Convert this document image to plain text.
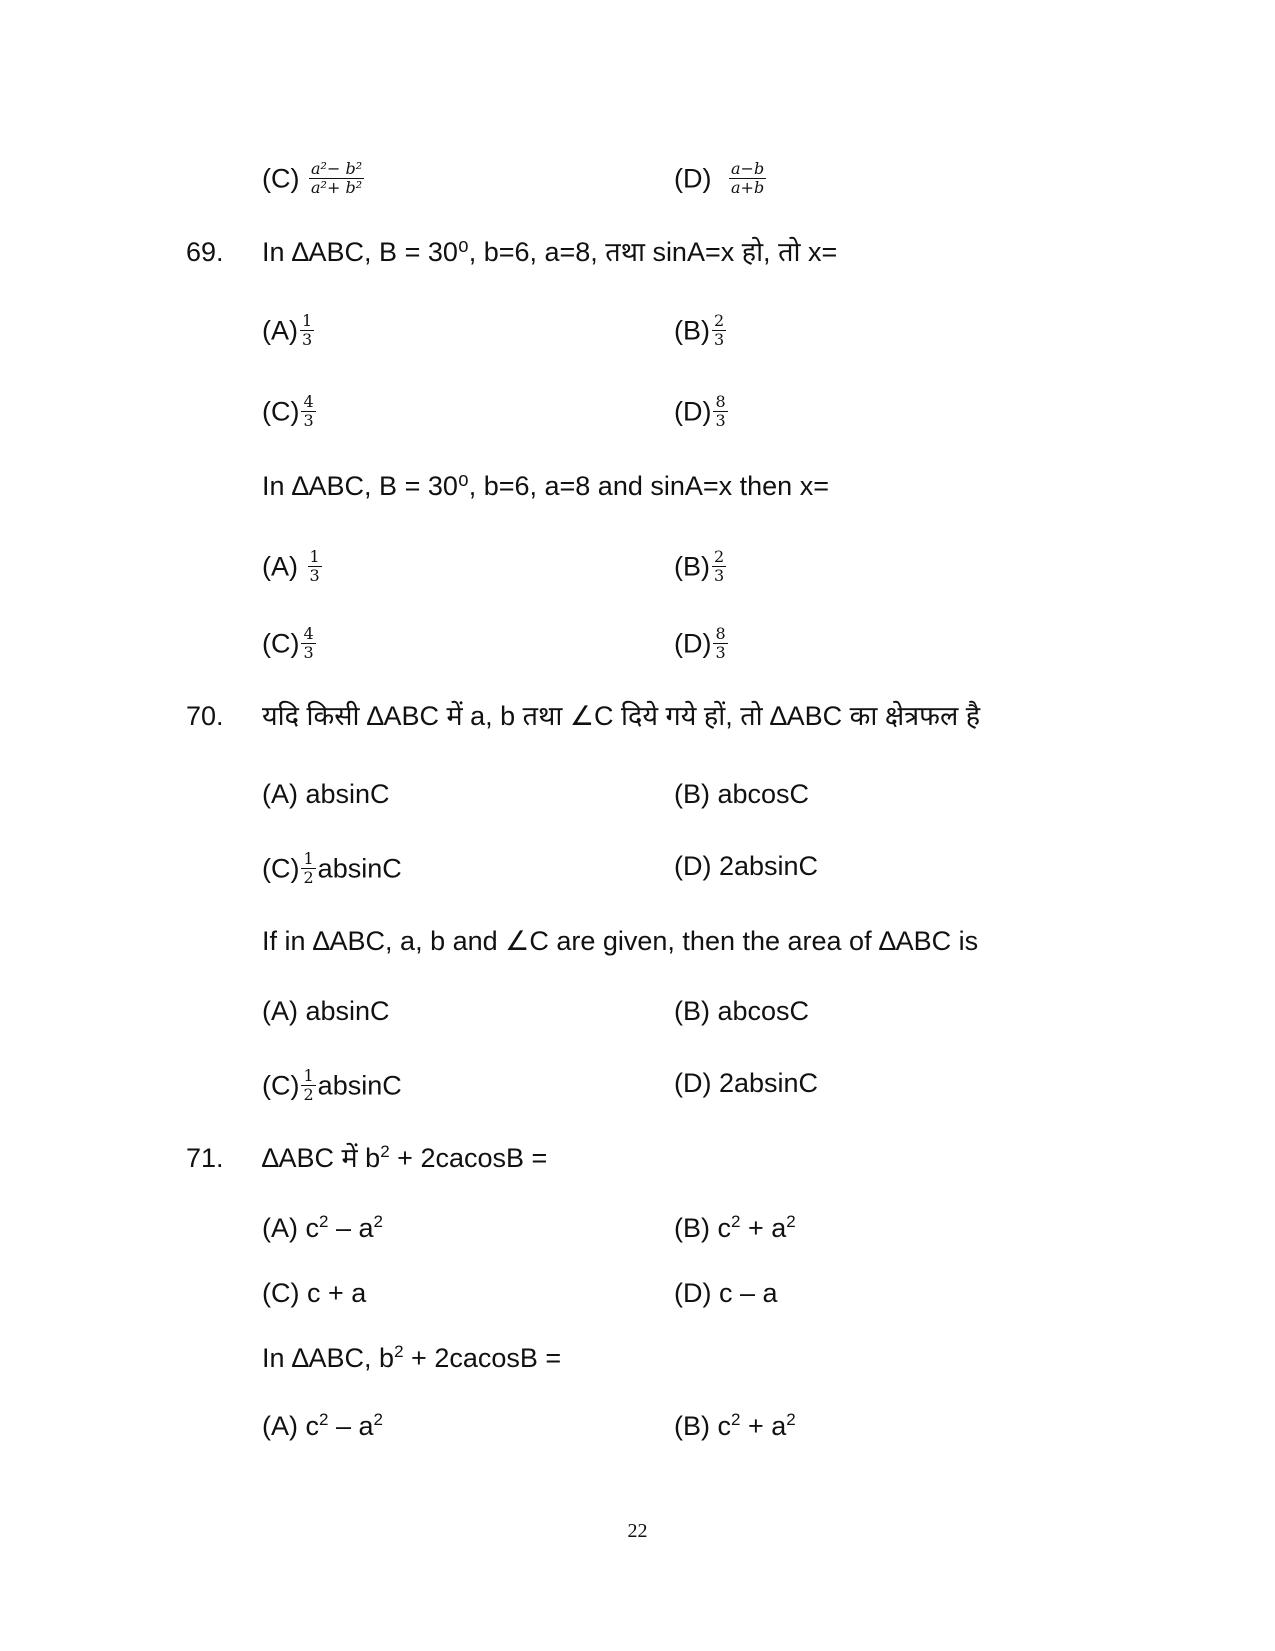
$(C) \frac{\text{a²− b²}}{\text{a²+ b²}}$	$(D) \frac{a-b}{a+b}$
69. In ∆ABC, B = 30⁰, b=6, a=8, तथा sinA=x हो, तो x=
$(A) \frac{1}{3}$	$(B) \frac{2}{3}$
$(C) \frac{4}{3}$	$(D) \frac{8}{3}$
In ∆ABC, B = 30⁰, b=6, a=8 and sinA=x then x=
$(A) \frac{1}{3}$	$(B) \frac{2}{3}$
$(C) \frac{4}{3}$	$(D) \frac{8}{3}$
70. यदि किसी ∆ABC में a, b तथा ∠C दिये गये हों, तो ∆ABC का क्षेत्रफल है
(A) absinC	(B) abcosC
$(C) \frac{1}{2}$ absinC	(D) 2absinC
If in ∆ABC, a, b and ∠C are given, then the area of ∆ABC is
(A) absinC	(B) abcosC
$(C) \frac{1}{2}$ absinC	(D) 2absinC
71. ∆ABC में $b^2 + 2cacosB$ =
(A) $c^2 - a^2$	(B) $c^2 + a^2$
(C) c + a	(D) c – a
In ∆ABC, $b^2 + 2cacosB$ =
(A) $c^2 - a^2$	(B) $c^2 + a^2$
22
